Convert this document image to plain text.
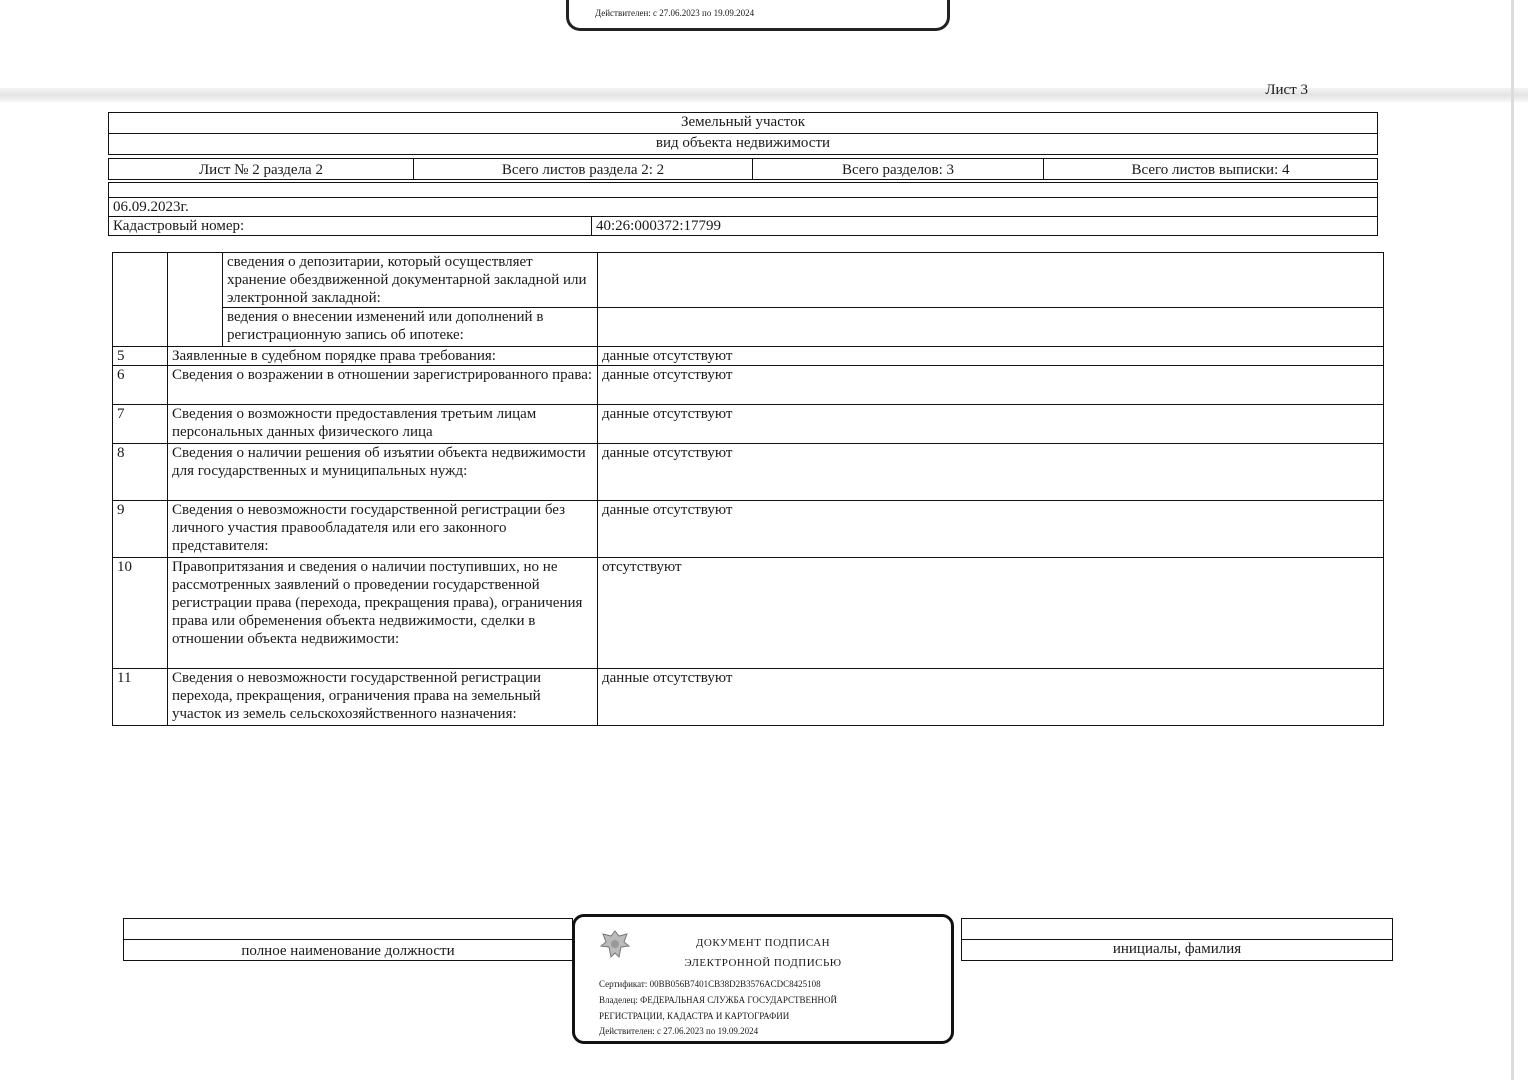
Действителен: с 27.06.2023 по 19.09.2024
Лист 3
Земельный участок
вид объекта недвижимости
Лист № 2 раздела 2	Всего листов раздела 2: 2	Всего разделов: 3	Всего листов выписки: 4

06.09.2023г.
Кадастровый номер:	40:26:000372:17799
		сведения о депозитарии, который осуществляет хранение обездвиженной документарной закладной или электронной закладной:	
		ведения о внесении изменений или дополнений в регистрационную запись об ипотеке:	
5	Заявленные в судебном порядке права требования:		данные отсутствуют
6	Сведения о возражении в отношении зарегистрированного права:		данные отсутствуют
7	Сведения о возможности предоставления третьим лицам персональных данных физического лица		данные отсутствуют
8	Сведения о наличии решения об изъятии объекта недвижимости для государственных и муниципальных нужд:		данные отсутствуют
9	Сведения о невозможности государственной регистрации без личного участия правообладателя или его законного представителя:		данные отсутствуют
10	Правопритязания и сведения о наличии поступивших, но не рассмотренных заявлений о проведении государственной регистрации права (перехода, прекращения права), ограничения права или обременения объекта недвижимости, сделки в отношении объекта недвижимости:		отсутствуют
11	Сведения о невозможности государственной регистрации перехода, прекращения, ограничения права на земельный участок из земель сельскохозяйственного назначения:		данные отсутствуют

полное наименование должности		инициалы, фамилия
ДОКУМЕНТ ПОДПИСАН
ЭЛЕКТРОННОЙ ПОДПИСЬЮ
Сертификат: 00BB056B7401CB38D2B3576ACDC8425108
Владелец: ФЕДЕРАЛЬНАЯ СЛУЖБА ГОСУДАРСТВЕННОЙ
РЕГИСТРАЦИИ, КАДАСТРА И КАРТОГРАФИИ
Действителен: с 27.06.2023 по 19.09.2024
